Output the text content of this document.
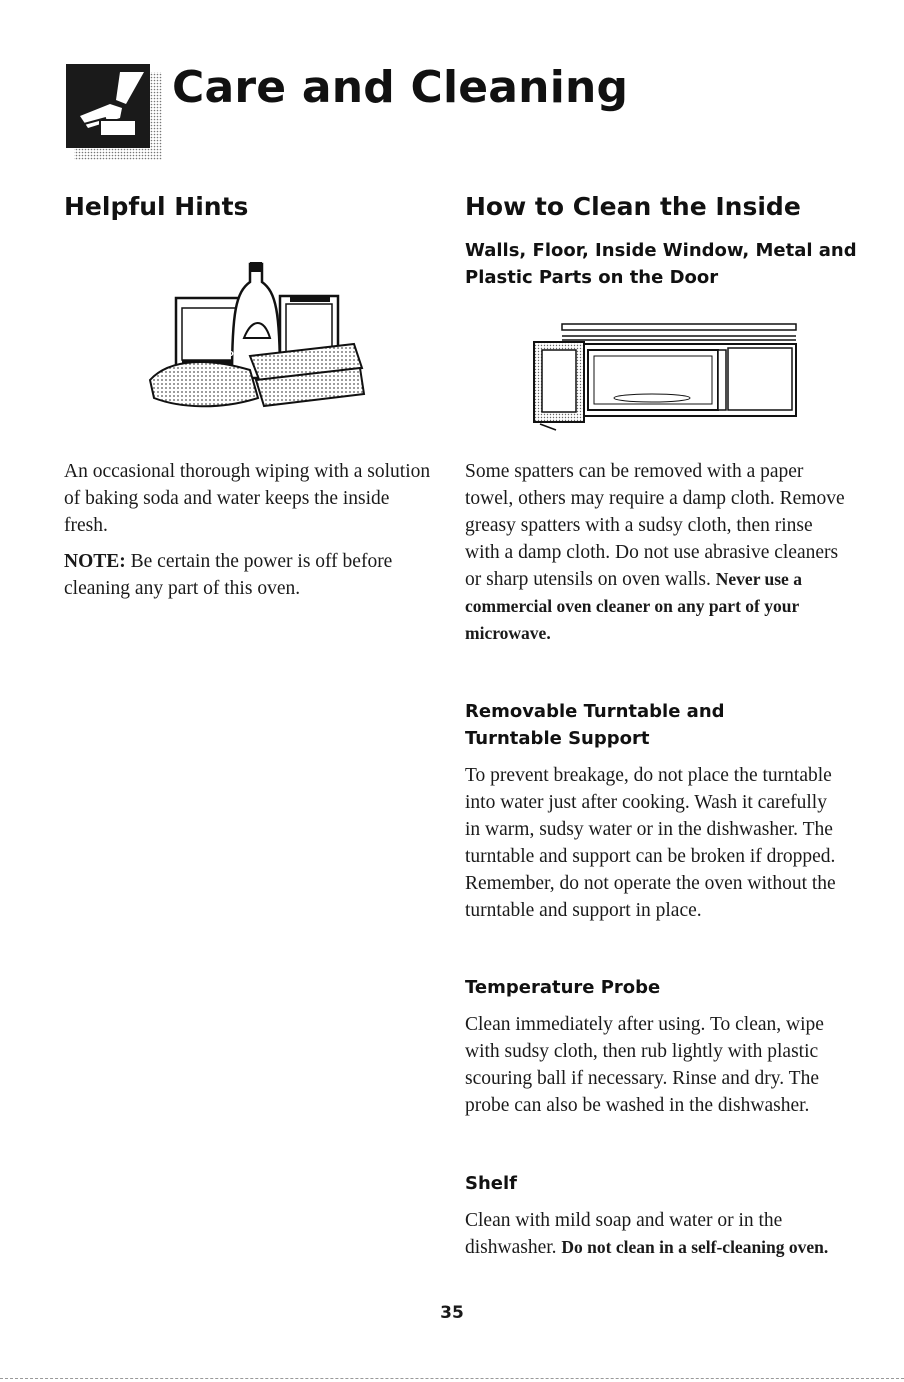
Care and Cleaning
Helpful Hints
BAKING SODA

An occasional thorough wiping with a solution of baking soda and water keeps the inside fresh.

NOTE: Be certain the power is off before cleaning any part of this oven.

How to Clean the Inside
Walls, Floor, Inside Window, Metal and Plastic Parts on the Door

Some spatters can be removed with a paper towel, others may require a damp cloth. Remove greasy spatters with a sudsy cloth, then rinse with a damp cloth. Do not use abrasive cleaners or sharp utensils on oven walls. Never use a commercial oven cleaner on any part of your microwave.

Removable Turntable and
Turntable Support

To prevent breakage, do not place the turntable into water just after cooking. Wash it carefully in warm, sudsy water or in the dishwasher. The turntable and support can be broken if dropped. Remember, do not operate the oven without the turntable and support in place.

Temperature Probe

Clean immediately after using. To clean, wipe with sudsy cloth, then rub lightly with plastic scouring ball if necessary. Rinse and dry. The probe can also be washed in the dishwasher.

Shelf

Clean with mild soap and water or in the dishwasher. Do not clean in a self-cleaning oven.

35
